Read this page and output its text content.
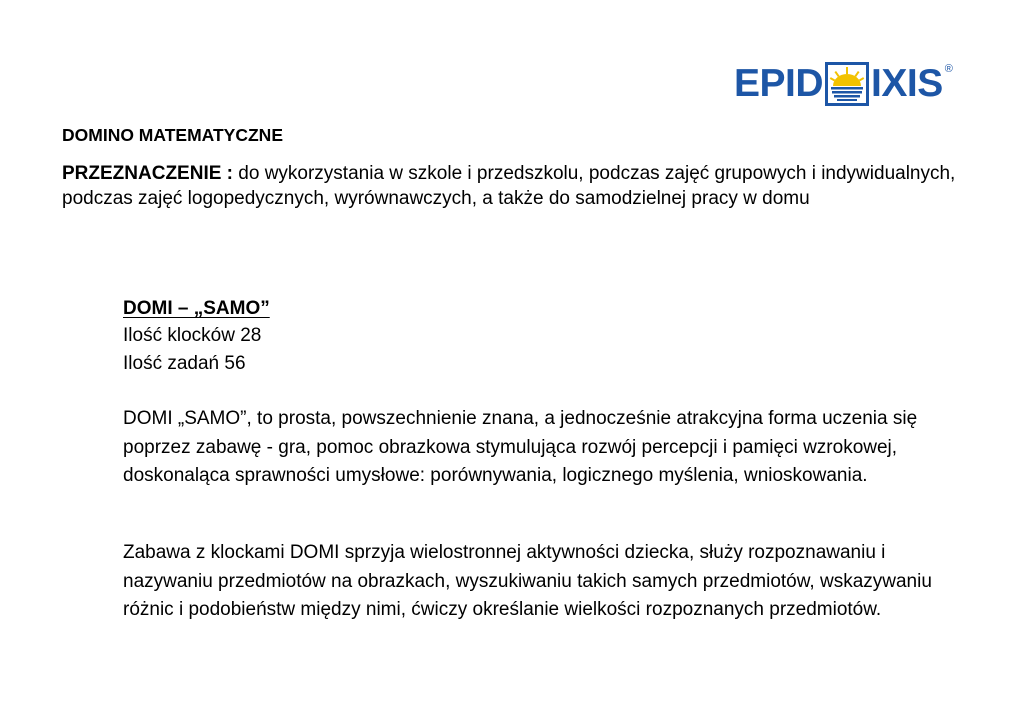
EPID IXIS ®
DOMINO MATEMATYCZNE

PRZEZNACZENIE : do wykorzystania w szkole i przedszkolu, podczas zajęć grupowych i indywidualnych, podczas zajęć logopedycznych, wyrównawczych, a także do samodzielnej pracy w domu

DOMI – „SAMO”

Ilość klocków 28

Ilość zadań 56

DOMI „SAMO”, to prosta, powszechnienie znana, a jednocześnie atrakcyjna forma uczenia się poprzez zabawę - gra, pomoc obrazkowa stymulująca rozwój percepcji i pamięci wzrokowej, doskonaląca sprawności umysłowe: porównywania, logicznego myślenia, wnioskowania.

Zabawa z klockami DOMI sprzyja wielostronnej aktywności dziecka, służy rozpoznawaniu i nazywaniu przedmiotów na obrazkach, wyszukiwaniu takich samych przedmiotów, wskazywaniu różnic i podobieństw między nimi, ćwiczy określanie wielkości rozpoznanych przedmiotów.
